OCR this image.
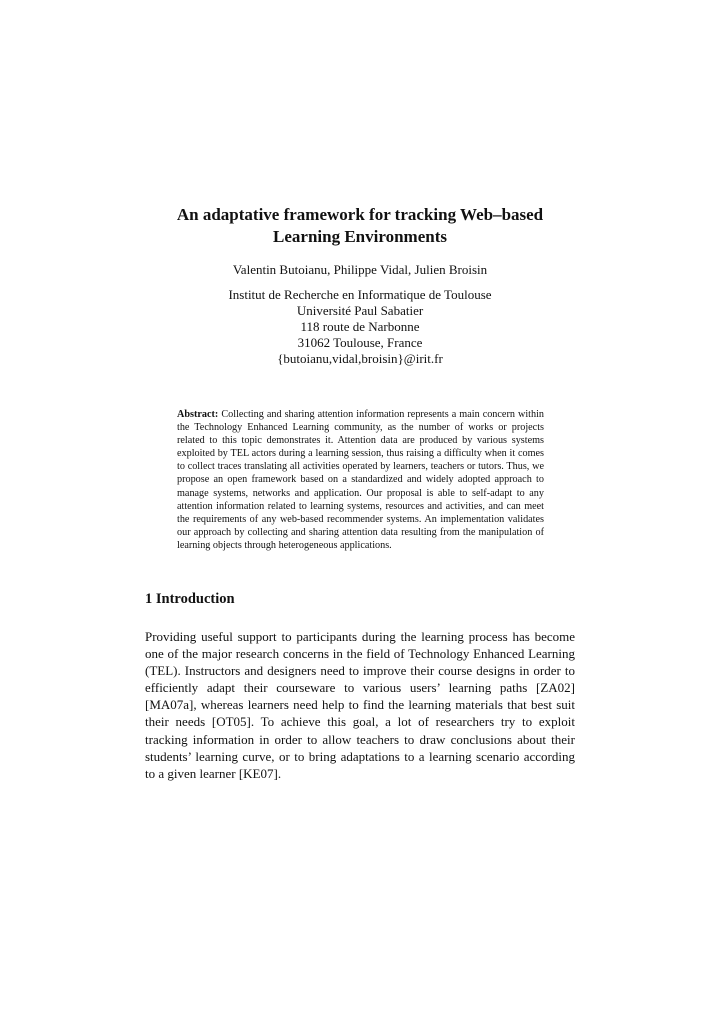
An adaptative framework for tracking Web–based
Learning Environments
Valentin Butoianu, Philippe Vidal, Julien Broisin
Institut de Recherche en Informatique de Toulouse
Université Paul Sabatier
118 route de Narbonne
31062 Toulouse, France
{butoianu,vidal,broisin}@irit.fr
Abstract: Collecting and sharing attention information represents a main concern within the Technology Enhanced Learning community, as the number of works or projects related to this topic demonstrates it. Attention data are produced by various systems exploited by TEL actors during a learning session, thus raising a difficulty when it comes to collect traces translating all activities operated by learners, teachers or tutors. Thus, we propose an open framework based on a standardized and widely adopted approach to manage systems, networks and application. Our proposal is able to self-adapt to any attention information related to learning systems, resources and activities, and can meet the requirements of any web-based recommender systems. An implementation validates our approach by collecting and sharing attention data resulting from the manipulation of learning objects through heterogeneous applications.
1 Introduction
Providing useful support to participants during the learning process has become one of the major research concerns in the field of Technology Enhanced Learning (TEL). Instructors and designers need to improve their course designs in order to efficiently adapt their courseware to various users’ learning paths [ZA02] [MA07a], whereas learners need help to find the learning materials that best suit their needs [OT05]. To achieve this goal, a lot of researchers try to exploit tracking information in order to allow teachers to draw conclusions about their students’ learning curve, or to bring adaptations to a learning scenario according to a given learner [KE07].
